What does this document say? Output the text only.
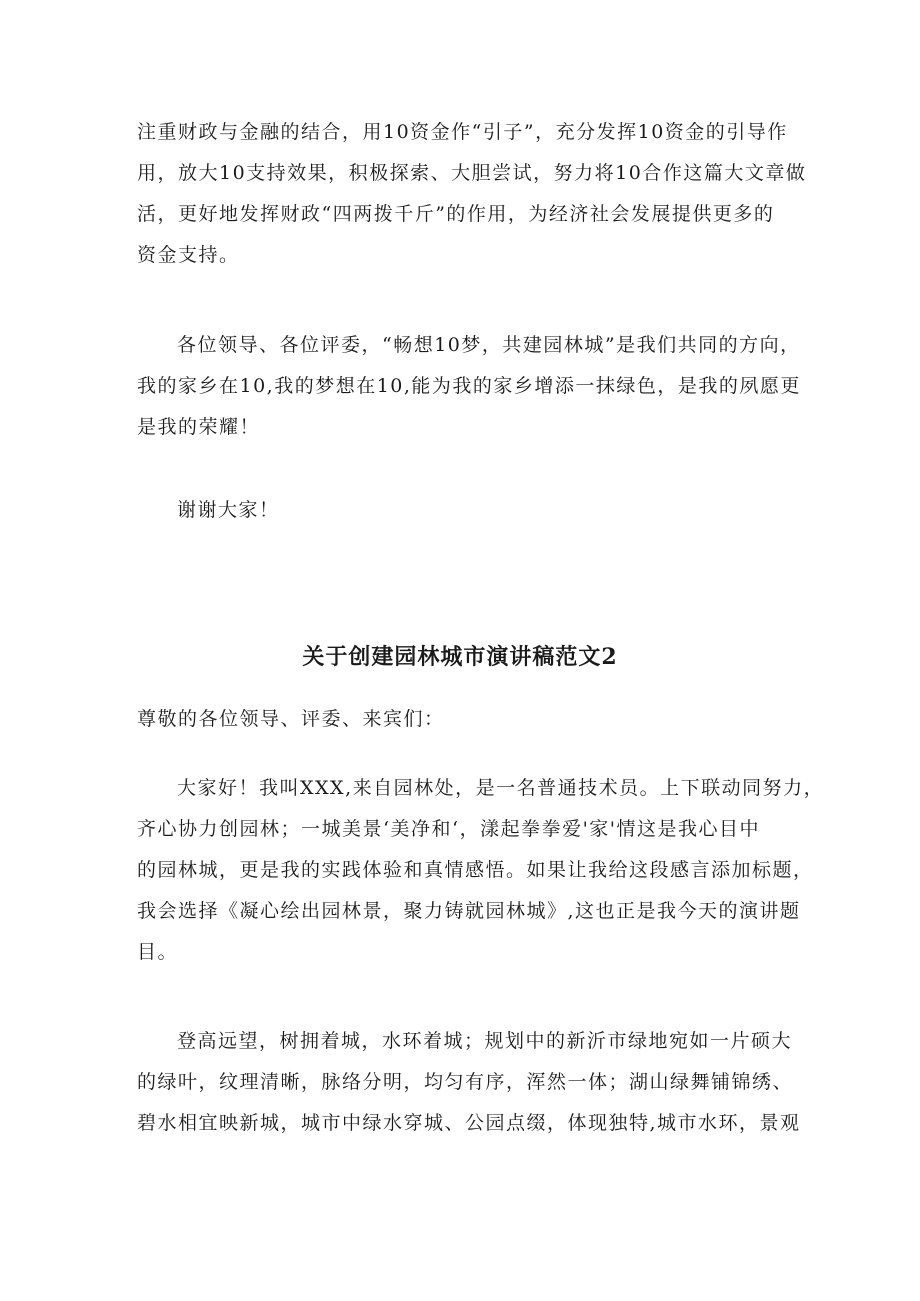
注重财政与金融的结合，用10资金作“引子”，充分发挥10资金的引导作
用，放大10支持效果，积极探索、大胆尝试，努力将10合作这篇大文章做
活，更好地发挥财政“四两拨千斤”的作用，为经济社会发展提供更多的
资金支持。
各位领导、各位评委，“畅想10梦，共建园林城”是我们共同的方向，
我的家乡在10,我的梦想在10,能为我的家乡增添一抹绿色，是我的夙愿更
是我的荣耀！
谢谢大家！
关于创建园林城市演讲稿范文2
尊敬的各位领导、评委、来宾们：
大家好！我叫XXX,来自园林处，是一名普通技术员。上下联动同努力，
齐心协力创园林；一城美景‘美净和‘，漾起拳拳爱'家'情这是我心目中
的园林城，更是我的实践体验和真情感悟。如果让我给这段感言添加标题，
我会选择《凝心绘出园林景，聚力铸就园林城》,这也正是我今天的演讲题
目。
登高远望，树拥着城，水环着城；规划中的新沂市绿地宛如一片硕大
的绿叶，纹理清晰，脉络分明，均匀有序，浑然一体；湖山绿舞铺锦绣、
碧水相宜映新城，城市中绿水穿城、公园点缀，体现独特,城市水环，景观
